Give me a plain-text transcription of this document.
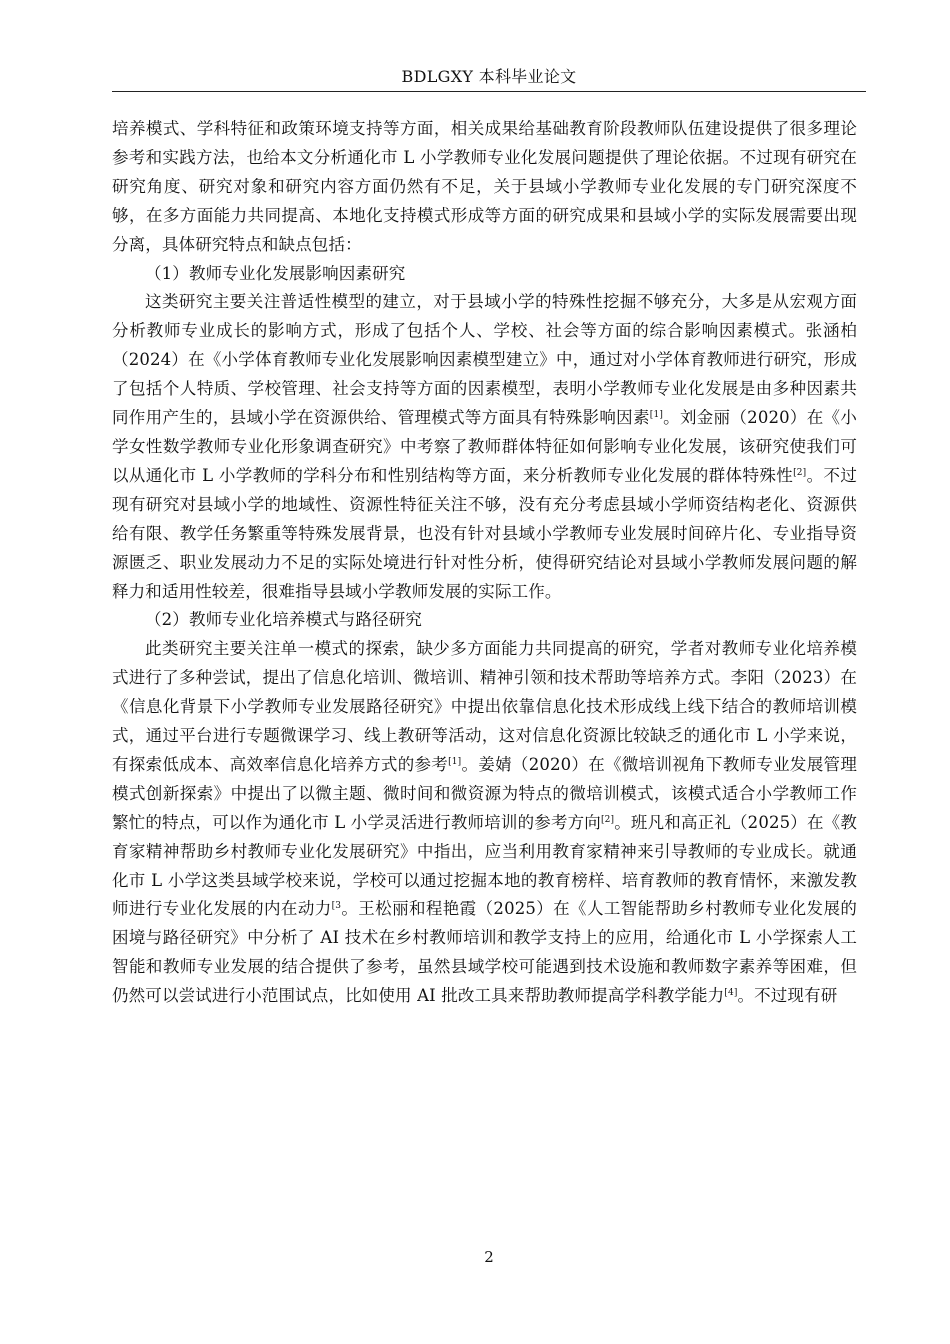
BDLGXY 本科毕业论文

培养模式、学科特征和政策环境支持等方面，相关成果给基础教育阶段教师队伍建设提供了很多理论参考和实践方法，也给本文分析通化市 L 小学教师专业化发展问题提供了理论依据。不过现有研究在研究角度、研究对象和研究内容方面仍然有不足，关于县域小学教师专业化发展的专门研究深度不够，在多方面能力共同提高、本地化支持模式形成等方面的研究成果和县域小学的实际发展需要出现分离，具体研究特点和缺点包括：

（1）教师专业化发展影响因素研究

这类研究主要关注普适性模型的建立，对于县域小学的特殊性挖掘不够充分，大多是从宏观方面分析教师专业成长的影响方式，形成了包括个人、学校、社会等方面的综合影响因素模式。张涵柏（2024）在《小学体育教师专业化发展影响因素模型建立》中，通过对小学体育教师进行研究，形成了包括个人特质、学校管理、社会支持等方面的因素模型，表明小学教师专业化发展是由多种因素共同作用产生的，县域小学在资源供给、管理模式等方面具有特殊影响因素[1]。刘金丽（2020）在《小学女性数学教师专业化形象调查研究》中考察了教师群体特征如何影响专业化发展，该研究使我们可以从通化市 L 小学教师的学科分布和性别结构等方面，来分析教师专业化发展的群体特殊性[2]。不过现有研究对县域小学的地域性、资源性特征关注不够，没有充分考虑县域小学师资结构老化、资源供给有限、教学任务繁重等特殊发展背景，也没有针对县域小学教师专业发展时间碎片化、专业指导资源匮乏、职业发展动力不足的实际处境进行针对性分析，使得研究结论对县域小学教师发展问题的解释力和适用性较差，很难指导县域小学教师发展的实际工作。

（2）教师专业化培养模式与路径研究

此类研究主要关注单一模式的探索，缺少多方面能力共同提高的研究，学者对教师专业化培养模式进行了多种尝试，提出了信息化培训、微培训、精神引领和技术帮助等培养方式。李阳（2023）在《信息化背景下小学教师专业发展路径研究》中提出依靠信息化技术形成线上线下结合的教师培训模式，通过平台进行专题微课学习、线上教研等活动，这对信息化资源比较缺乏的通化市 L 小学来说，有探索低成本、高效率信息化培养方式的参考[1]。姜婧（2020）在《微培训视角下教师专业发展管理模式创新探索》中提出了以微主题、微时间和微资源为特点的微培训模式，该模式适合小学教师工作繁忙的特点，可以作为通化市 L 小学灵活进行教师培训的参考方向[2]。班凡和高正礼（2025）在《教育家精神帮助乡村教师专业化发展研究》中指出，应当利用教育家精神来引导教师的专业成长。就通化市 L 小学这类县域学校来说，学校可以通过挖掘本地的教育榜样、培育教师的教育情怀，来激发教师进行专业化发展的内在动力$^{[3}$。王松丽和程艳霞（2025）在《人工智能帮助乡村教师专业化发展的困境与路径研究》中分析了 AI 技术在乡村教师培训和教学支持上的应用，给通化市 L 小学探索人工智能和教师专业发展的结合提供了参考，虽然县域学校可能遇到技术设施和教师数字素养等困难，但仍然可以尝试进行小范围试点，比如使用 AI 批改工具来帮助教师提高学科教学能力[4]。不过现有研

2
